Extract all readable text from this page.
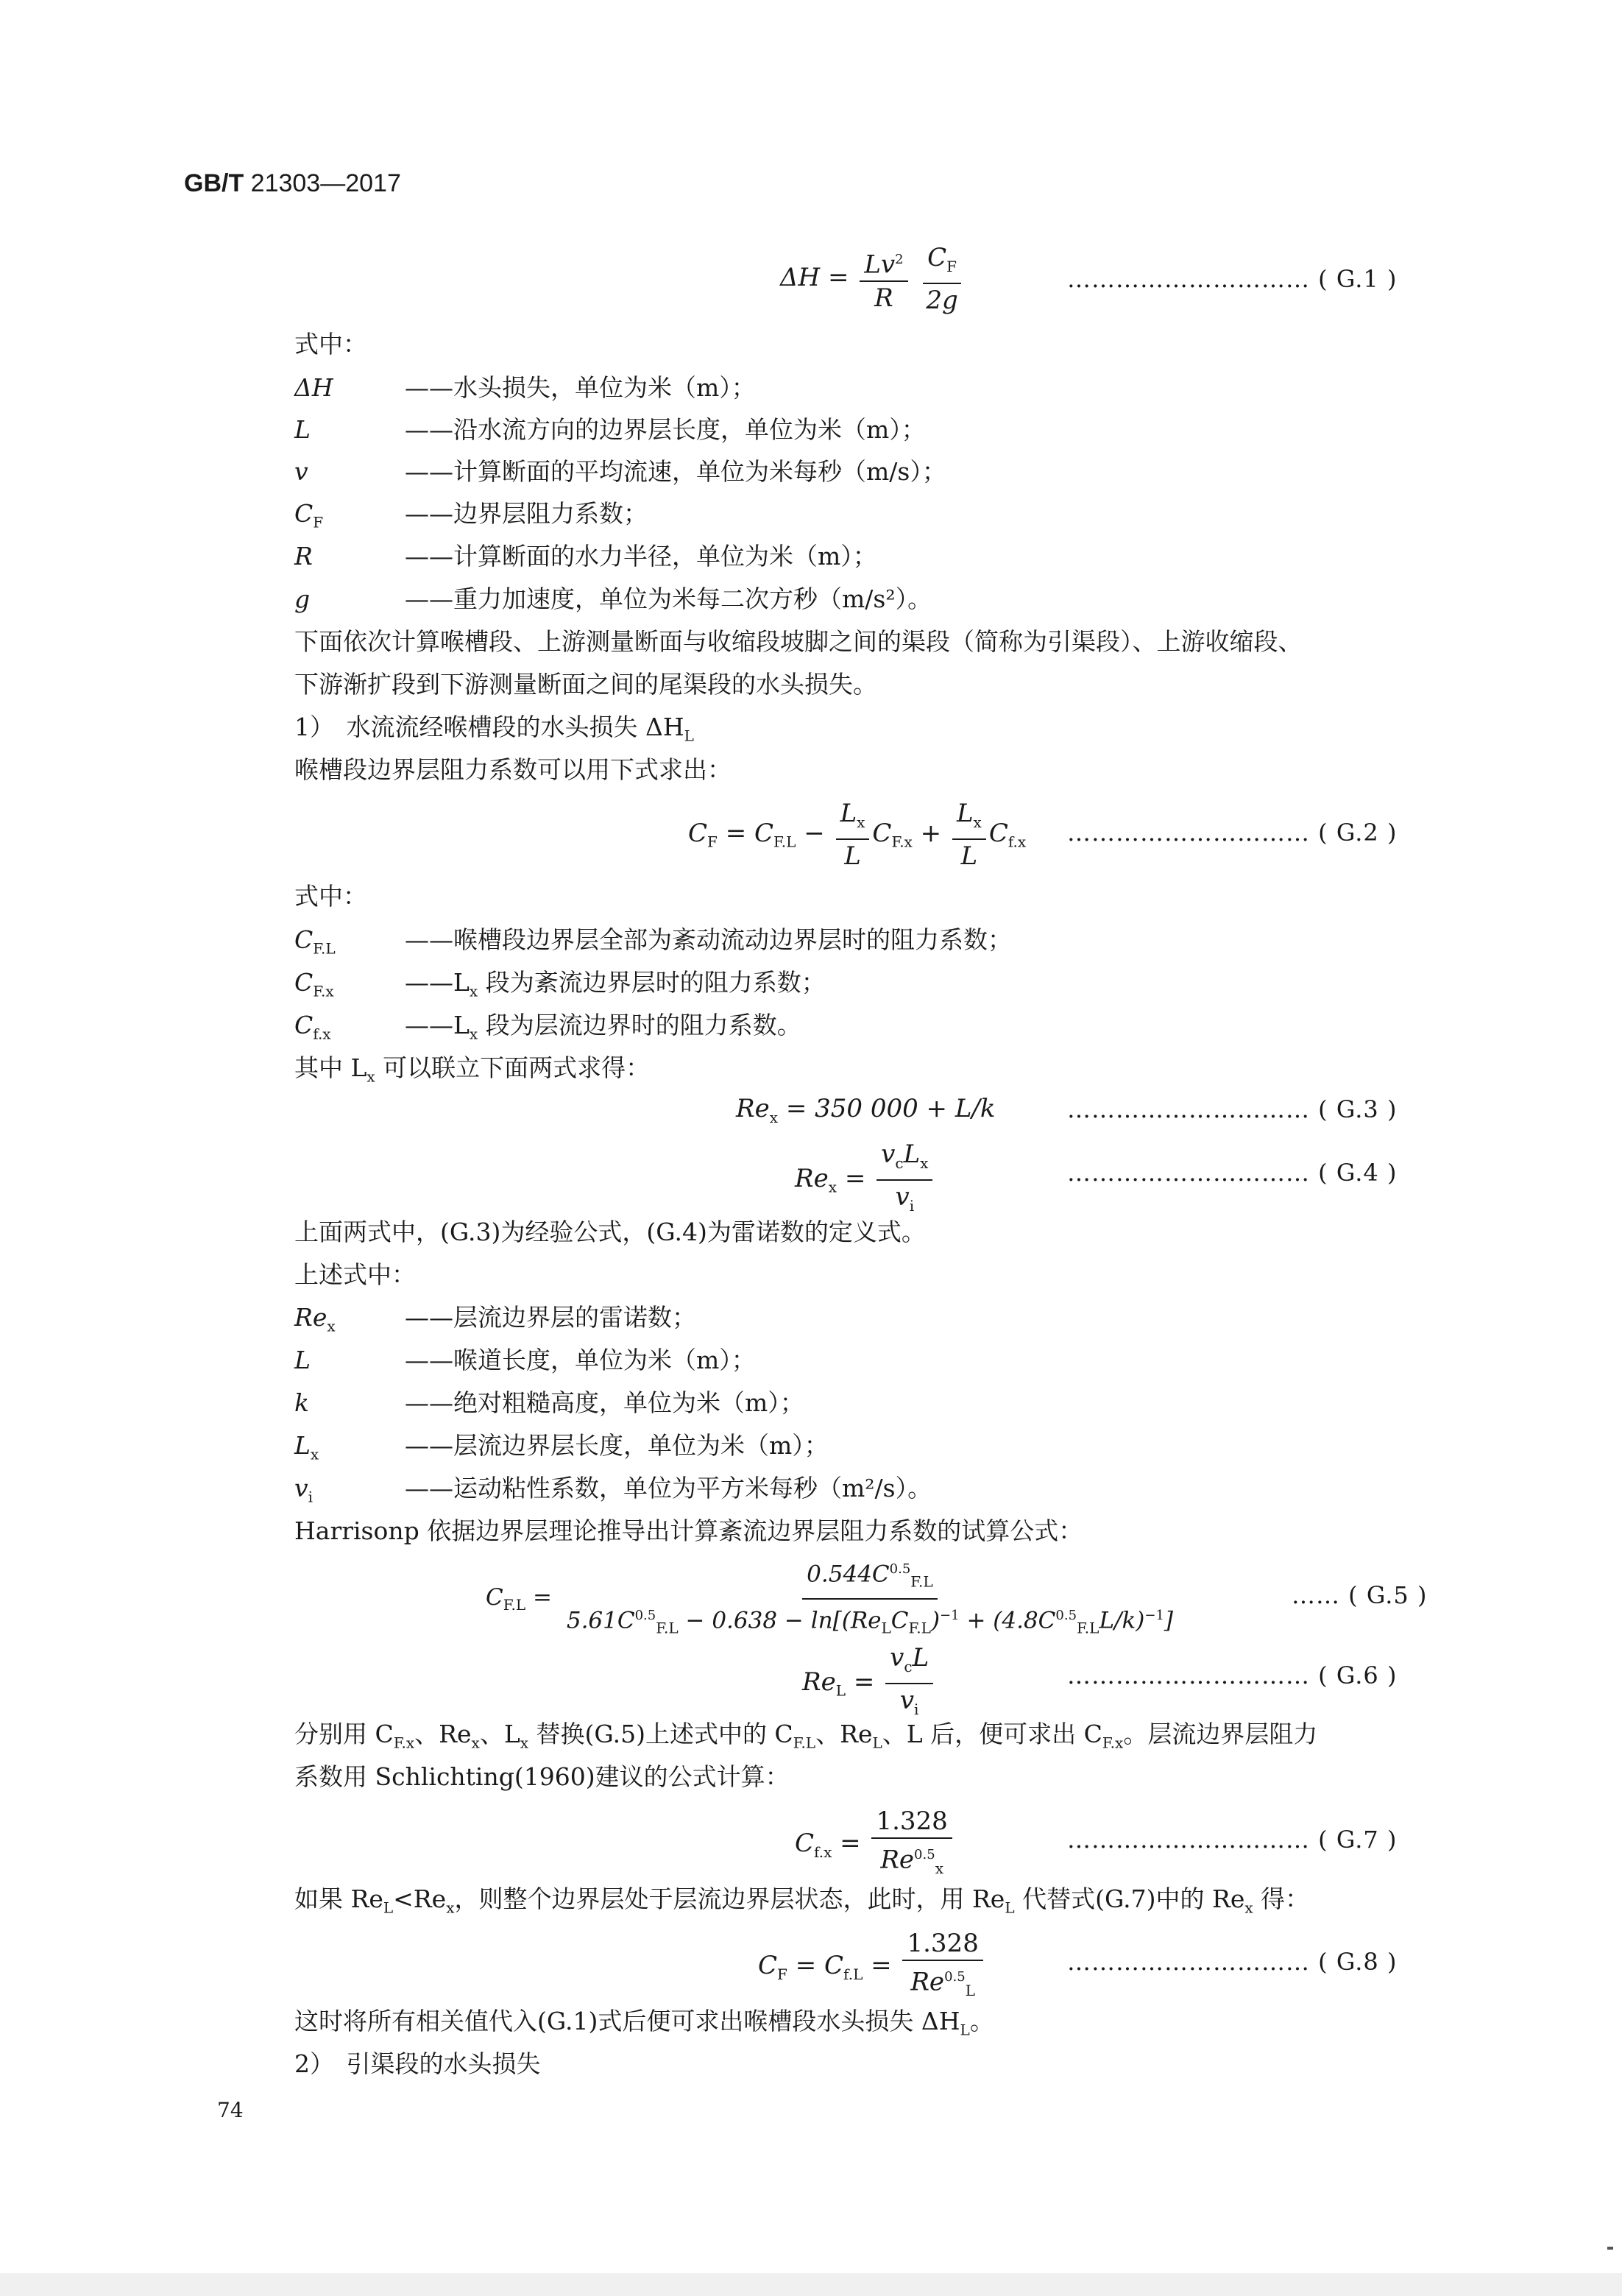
GB/T 21303—2017
$\Delta H = \frac{Lv^2}{R}$
$\frac{C_F}{2g}$	………………………… ( G.1 )
式中：
ΔH	——水头损失，单位为米（m）；
L	——沿水流方向的边界层长度，单位为米（m）；
v	——计算断面的平均流速，单位为米每秒（m/s）；
$C_F$	——边界层阻力系数；
R	——计算断面的水力半径，单位为米（m）；
g	——重力加速度，单位为米每二次方秒（m/s²）。
下面依次计算喉槽段、上游测量断面与收缩段坡脚之间的渠段（简称为引渠段）、上游收缩段、
下游渐扩段到下游测量断面之间的尾渠段的水头损失。
1）　水流流经喉槽段的水头损失 $\Delta H_L$
喉槽段边界层阻力系数可以用下式求出：
$C_F = C_{F.L} - \frac{L_x}{L} C_{F.x} + \frac{L_x}{L} C_{f.x}$ ………………………… ( G.2 )
式中：
$C_{F.L}$	——喉槽段边界层全部为紊动流动边界层时的阻力系数；
$C_{F.x}$	$——L_x$ 段为紊流边界层时的阻力系数；
$C_{f.x}$	$——L_x$ 段为层流边界时的阻力系数。
其中 $L_x$ 可以联立下面两式求得：
$Re_x = 350$ 000 + L/k	………………………… ( G.3 )
$Re_x = \frac{v_cL_x}{v_i}$	………………………… ( G.4 )
上面两式中，(G.3)为经验公式，(G.4)为雷诺数的定义式。
上述式中：
$Re_x$	——层流边界层的雷诺数；
L	——喉道长度，单位为米（m）；
k	——绝对粗糙高度，单位为米（m）；
$L_x$	——层流边界层长度，单位为米（m）；
$v_i$	——运动粘性系数，单位为平方米每秒（m²/s）。
Harrisonp 依据边界层理论推导出计算紊流边界层阻力系数的试算公式：
$C_{F.L} = \frac{0.544C^{0.5}_{F.L}}{5.61C^{0.5}_{F.L} - 0.638 - \ln[(Re_LC_{F.L})^{-1} + (4.8C^{0.5}_{F.L}L/k)^{-1}]}$	…… ( G.5 )
$Re_L = \frac{v_cL}{v_i}$	………………………… ( G.6 )
分别用 $C_{F.x}$、$Re_x$、$L_x$ 替换(G.5)上述式中的 $C_{F.L}$、$Re_L$、L 后，便可求出 $C_{F.x}$。层流边界层阻力
系数用 Schlichting(1960)建议的公式计算：
$C_{f.x} = \frac{1.328}{Re^{0.5}_x}$	………………………… ( G.7 )
如果 $Re_L<Re_x$，则整个边界层处于层流边界层状态，此时，用 $Re_L$ 代替式(G.7)中的 $Re_x$ 得：
$C_F = C_{f.L} = \frac{1.328}{Re^{0.5}_L}$	………………………… ( G.8 )
这时将所有相关值代入(G.1)式后便可求出喉槽段水头损失 $\Delta H_L$。
2）　引渠段的水头损失
74
